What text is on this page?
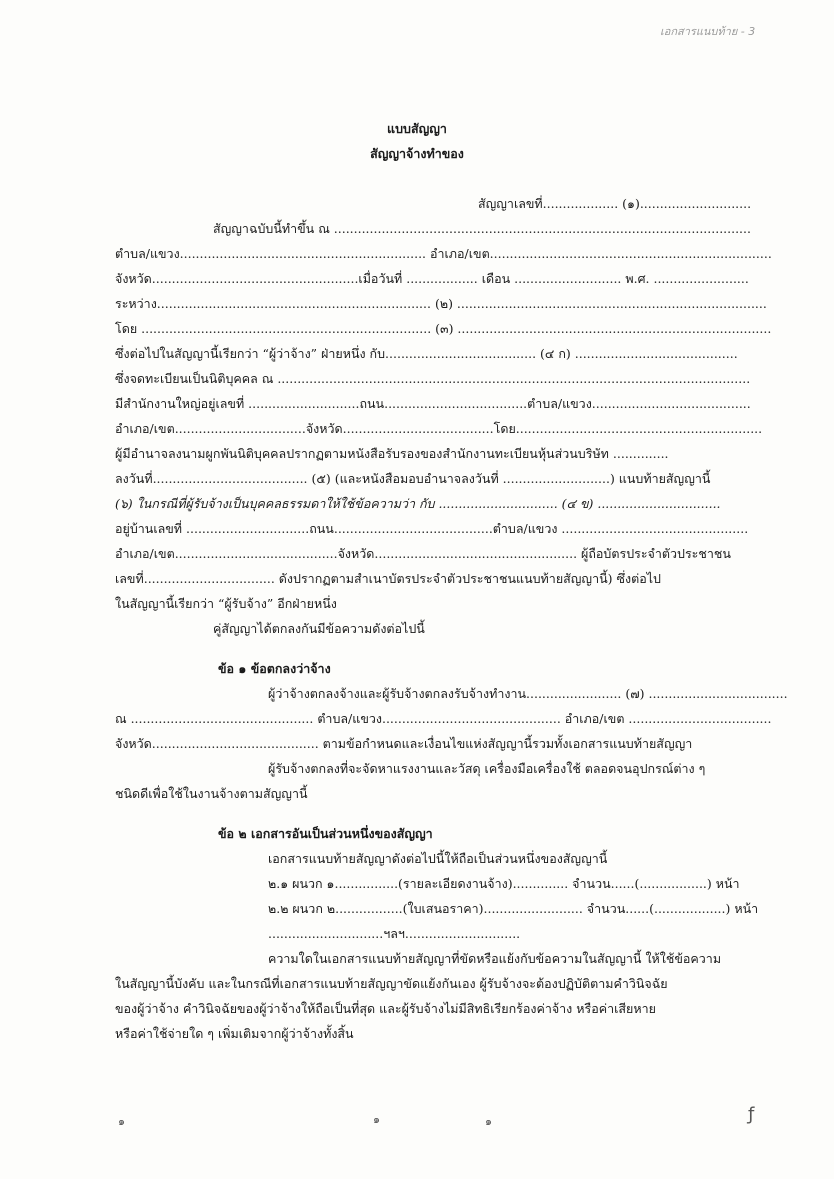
เอกสารแนบท้าย - 3
แบบสัญญา
สัญญาจ้างทำของ
สัญญาเลขที่................... (๑)............................
สัญญาฉบับนี้ทำขึ้น ณ .........................................................................................................
ตำบล/แขวง.............................................................. อำเภอ/เขต.......................................................................
จังหวัด....................................................เมื่อวันที่ .................. เดือน ........................... พ.ศ. ........................
ระหว่าง..................................................................... (๒) ..............................................................................
โดย ......................................................................... (๓) ...............................................................................
ซึ่งต่อไปในสัญญานี้เรียกว่า “ผู้ว่าจ้าง” ฝ่ายหนึ่ง กับ...................................... (๔ ก) .........................................
ซึ่งจดทะเบียนเป็นนิติบุคคล ณ .......................................................................................................................
มีสำนักงานใหญ่อยู่เลขที่ ............................ถนน....................................ตำบล/แขวง........................................
อำเภอ/เขต.................................จังหวัด......................................โดย..............................................................
ผู้มีอำนาจลงนามผูกพันนิติบุคคลปรากฏตามหนังสือรับรองของสำนักงานทะเบียนหุ้นส่วนบริษัท ..............
ลงวันที่....................................... (๕) (และหนังสือมอบอำนาจลงวันที่ ...........................) แนบท้ายสัญญานี้
(๖) ในกรณีที่ผู้รับจ้างเป็นบุคคลธรรมดาให้ใช้ข้อความว่า กับ .............................. (๔ ข) ...............................
อยู่บ้านเลขที่ ...............................ถนน........................................ตำบล/แขวง ...............................................
อำเภอ/เขต.........................................จังหวัด................................................... ผู้ถือบัตรประจำตัวประชาชน
เลขที่................................. ดังปรากฏตามสำเนาบัตรประจำตัวประชาชนแนบท้ายสัญญานี้) ซึ่งต่อไป
ในสัญญานี้เรียกว่า “ผู้รับจ้าง” อีกฝ่ายหนึ่ง
คู่สัญญาได้ตกลงกันมีข้อความดังต่อไปนี้
ข้อ ๑ ข้อตกลงว่าจ้าง
ผู้ว่าจ้างตกลงจ้างและผู้รับจ้างตกลงรับจ้างทำงาน........................ (๗) ...................................
ณ .............................................. ตำบล/แขวง............................................. อำเภอ/เขต ....................................
จังหวัด.......................................... ตามข้อกำหนดและเงื่อนไขแห่งสัญญานี้รวมทั้งเอกสารแนบท้ายสัญญา
ผู้รับจ้างตกลงที่จะจัดหาแรงงานและวัสดุ เครื่องมือเครื่องใช้ ตลอดจนอุปกรณ์ต่าง ๆ
ชนิดดีเพื่อใช้ในงานจ้างตามสัญญานี้
ข้อ ๒ เอกสารอันเป็นส่วนหนึ่งของสัญญา
เอกสารแนบท้ายสัญญาดังต่อไปนี้ให้ถือเป็นส่วนหนึ่งของสัญญานี้
๒.๑ ผนวก ๑................(รายละเอียดงานจ้าง).............. จำนวน......(.................) หน้า
๒.๒ ผนวก ๒.................(ใบเสนอราคา)......................... จำนวน......(..................) หน้า
.............................ฯลฯ.............................
ความใดในเอกสารแนบท้ายสัญญาที่ขัดหรือแย้งกับข้อความในสัญญานี้ ให้ใช้ข้อความ
ในสัญญานี้บังคับ และในกรณีที่เอกสารแนบท้ายสัญญาขัดแย้งกันเอง ผู้รับจ้างจะต้องปฏิบัติตามคำวินิจฉัย
ของผู้ว่าจ้าง คำวินิจฉัยของผู้ว่าจ้างให้ถือเป็นที่สุด และผู้รับจ้างไม่มีสิทธิเรียกร้องค่าจ้าง หรือค่าเสียหาย
หรือค่าใช้จ่ายใด ๆ เพิ่มเติมจากผู้ว่าจ้างทั้งสิ้น
๑	๑	๑	ƒ
